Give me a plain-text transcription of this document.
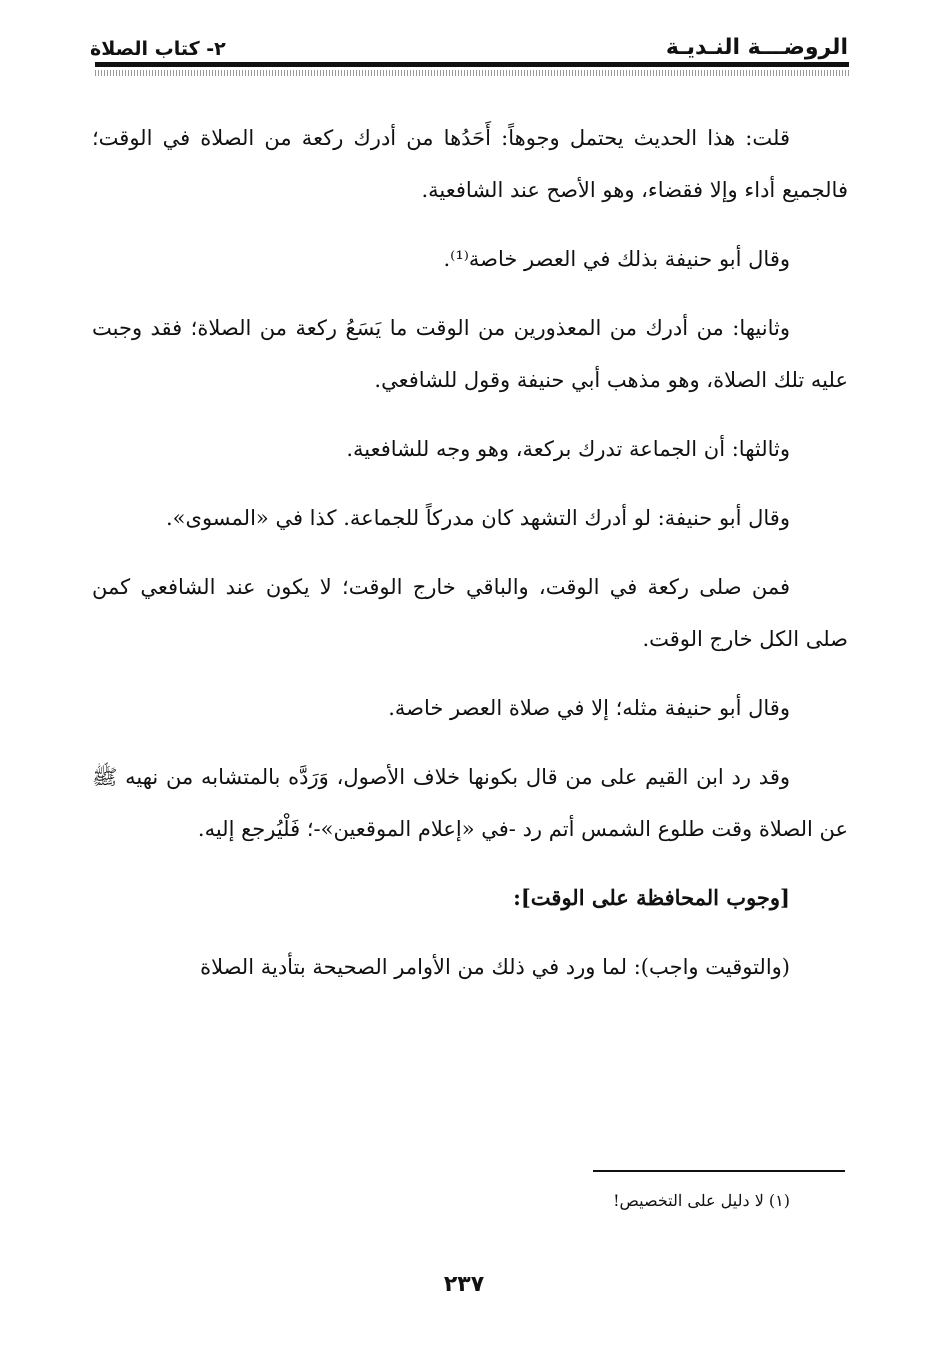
الروضـــة النـديـة
٢- كتاب الصلاة

قلت: هذا الحديث يحتمل وجوهاً: أَحَدُها من أدرك ركعة من الصلاة في الوقت؛ فالجميع أداء وإلا فقضاء، وهو الأصح عند الشافعية.

وقال أبو حنيفة بذلك في العصر خاصة⁽¹⁾.

وثانيها: من أدرك من المعذورين من الوقت ما يَسَعُ ركعة من الصلاة؛ فقد وجبت عليه تلك الصلاة، وهو مذهب أبي حنيفة وقول للشافعي.

وثالثها: أن الجماعة تدرك بركعة، وهو وجه للشافعية.

وقال أبو حنيفة: لو أدرك التشهد كان مدركاً للجماعة. كذا في «المسوى».

فمن صلى ركعة في الوقت، والباقي خارج الوقت؛ لا يكون عند الشافعي كمن صلى الكل خارج الوقت.

وقال أبو حنيفة مثله؛ إلا في صلاة العصر خاصة.

وقد رد ابن القيم على من قال بكونها خلاف الأصول، وَرَدَّه بالمتشابه من نهيه ﷺ عن الصلاة وقت طلوع الشمس أتم رد -في «إعلام الموقعين»-؛ فَلْيُرجع إليه.

[وجوب المحافظة على الوقت]:

(والتوقيت واجب): لما ورد في ذلك من الأوامر الصحيحة بتأدية الصلاة

(١) لا دليل على التخصيص!
٢٣٧
